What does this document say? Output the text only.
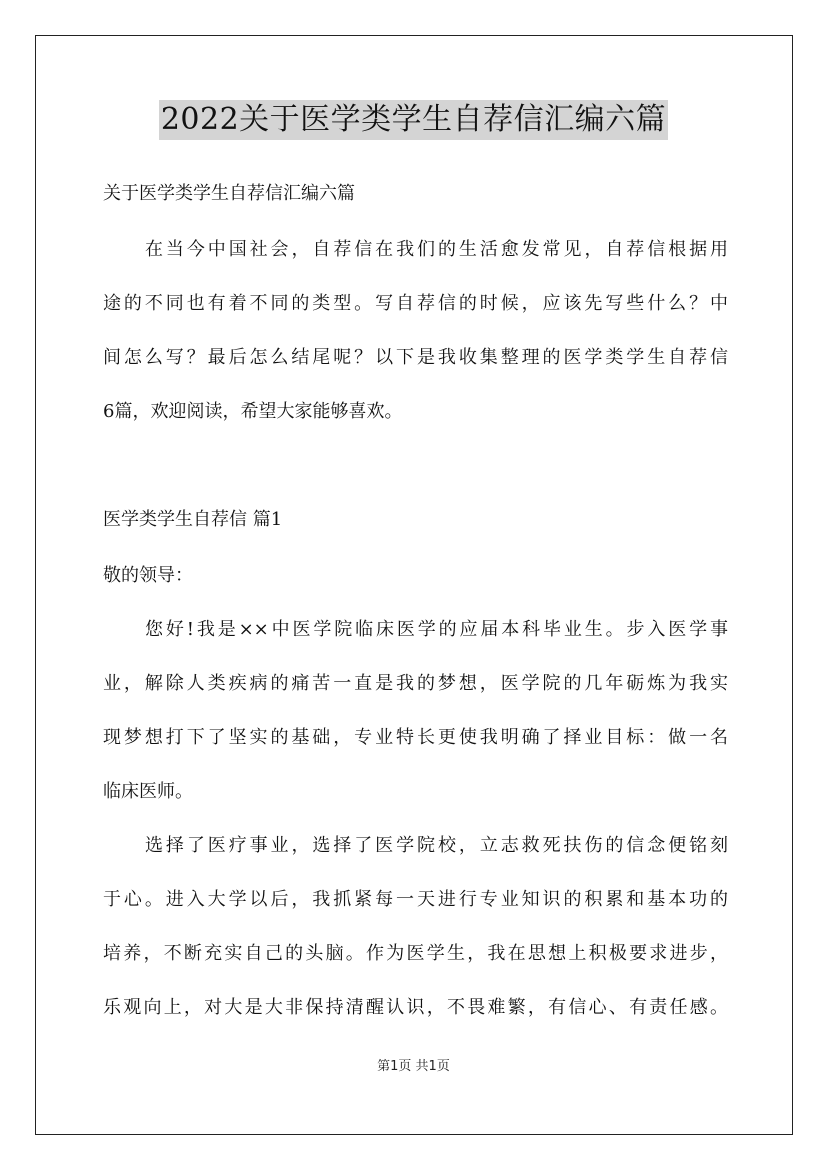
2022关于医学类学生自荐信汇编六篇
关于医学类学生自荐信汇编六篇
在当今中国社会，自荐信在我们的生活愈发常见，自荐信根据用
途的不同也有着不同的类型。写自荐信的时候，应该先写些什么？中
间怎么写？最后怎么结尾呢？以下是我收集整理的医学类学生自荐信
6篇，欢迎阅读，希望大家能够喜欢。
医学类学生自荐信 篇1
敬的领导：
您好!我是××中医学院临床医学的应届本科毕业生。步入医学事
业，解除人类疾病的痛苦一直是我的梦想，医学院的几年砺炼为我实
现梦想打下了坚实的基础，专业特长更使我明确了择业目标：做一名
临床医师。
选择了医疗事业，选择了医学院校，立志救死扶伤的信念便铭刻
于心。进入大学以后，我抓紧每一天进行专业知识的积累和基本功的
培养，不断充实自己的头脑。作为医学生，我在思想上积极要求进步，
乐观向上，对大是大非保持清醒认识，不畏难繁，有信心、有责任感。
第1页 共1页
